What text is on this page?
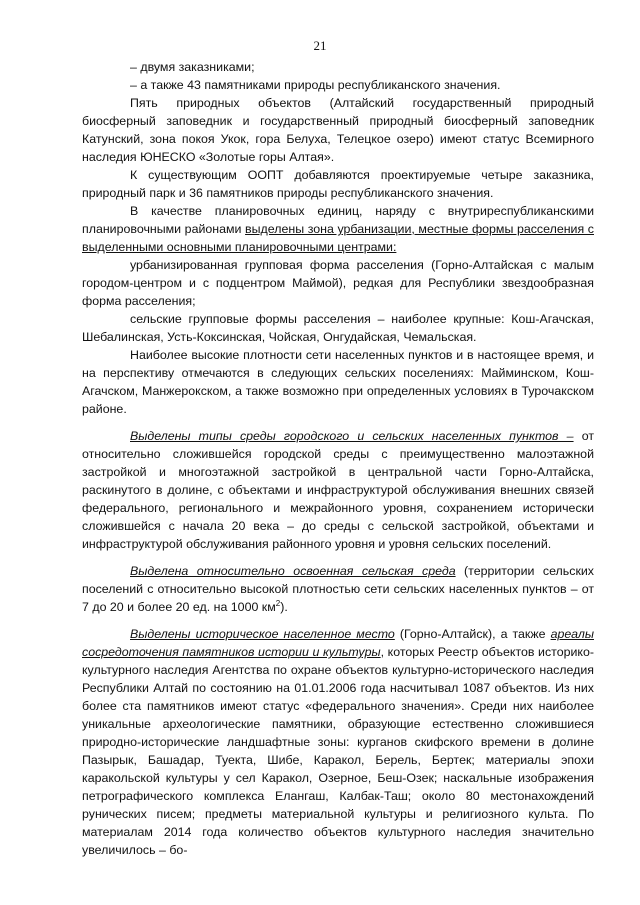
21

– двумя заказниками;

– а также 43 памятниками природы республиканского значения.

Пять природных объектов (Алтайский государственный природный биосферный заповедник и государственный природный биосферный заповедник Катунский, зона покоя Укок, гора Белуха, Телецкое озеро) имеют статус Всемирного наследия ЮНЕСКО «Золотые горы Алтая».

К существующим ООПТ добавляются проектируемые четыре заказника, природный парк и 36 памятников природы республиканского значения.

В качестве планировочных единиц, наряду с внутриреспубликанскими планировочными районами выделены зона урбанизации, местные формы расселения с выделенными основными планировочными центрами:

урбанизированная групповая форма расселения (Горно-Алтайская с малым городом-центром и с подцентром Маймой), редкая для Республики звездообразная форма расселения;

сельские групповые формы расселения – наиболее крупные: Кош-Агачская, Шебалинская, Усть-Коксинская, Чойская, Онгудайская, Чемальская.

Наиболее высокие плотности сети населенных пунктов и в настоящее время, и на перспективу отмечаются в следующих сельских поселениях: Майминском, Кош-Агачском, Манжерокском, а также возможно при определенных условиях в Турочакском районе.

Выделены типы среды городского и сельских населенных пунктов – от относительно сложившейся городской среды с преимущественно малоэтажной застройкой и многоэтажной застройкой в центральной части Горно-Алтайска, раскинутого в долине, с объектами и инфраструктурой обслуживания внешних связей федерального, регионального и межрайонного уровня, сохранением исторически сложившейся с начала 20 века – до среды с сельской застройкой, объектами и инфраструктурой обслуживания районного уровня и уровня сельских поселений.

Выделена относительно освоенная сельская среда (территории сельских поселений с относительно высокой плотностью сети сельских населенных пунктов – от 7 до 20 и более 20 ед. на 1000 $км^2$).

Выделены историческое населенное место (Горно-Алтайск), а также ареалы сосредоточения памятников истории и культуры, которых Реестр объектов историко-культурного наследия Агентства по охране объектов культурно-исторического наследия Республики Алтай по состоянию на 01.01.2006 года насчитывал 1087 объектов. Из них более ста памятников имеют статус «федерального значения». Среди них наиболее уникальные археологические памятники, образующие естественно сложившиеся природно-исторические ландшафтные зоны: курганов скифского времени в долине Пазырык, Башадар, Туекта, Шибе, Каракол, Берель, Бертек; материалы эпохи каракольской культуры у сел Каракол, Озерное, Беш-Озек; наскальные изображения петрографического комплекса Елангаш, Калбак-Таш; около 80 местонахождений рунических писем; предметы материальной культуры и религиозного культа. По материалам 2014 года количество объектов культурного наследия значительно увеличилось – бо-
